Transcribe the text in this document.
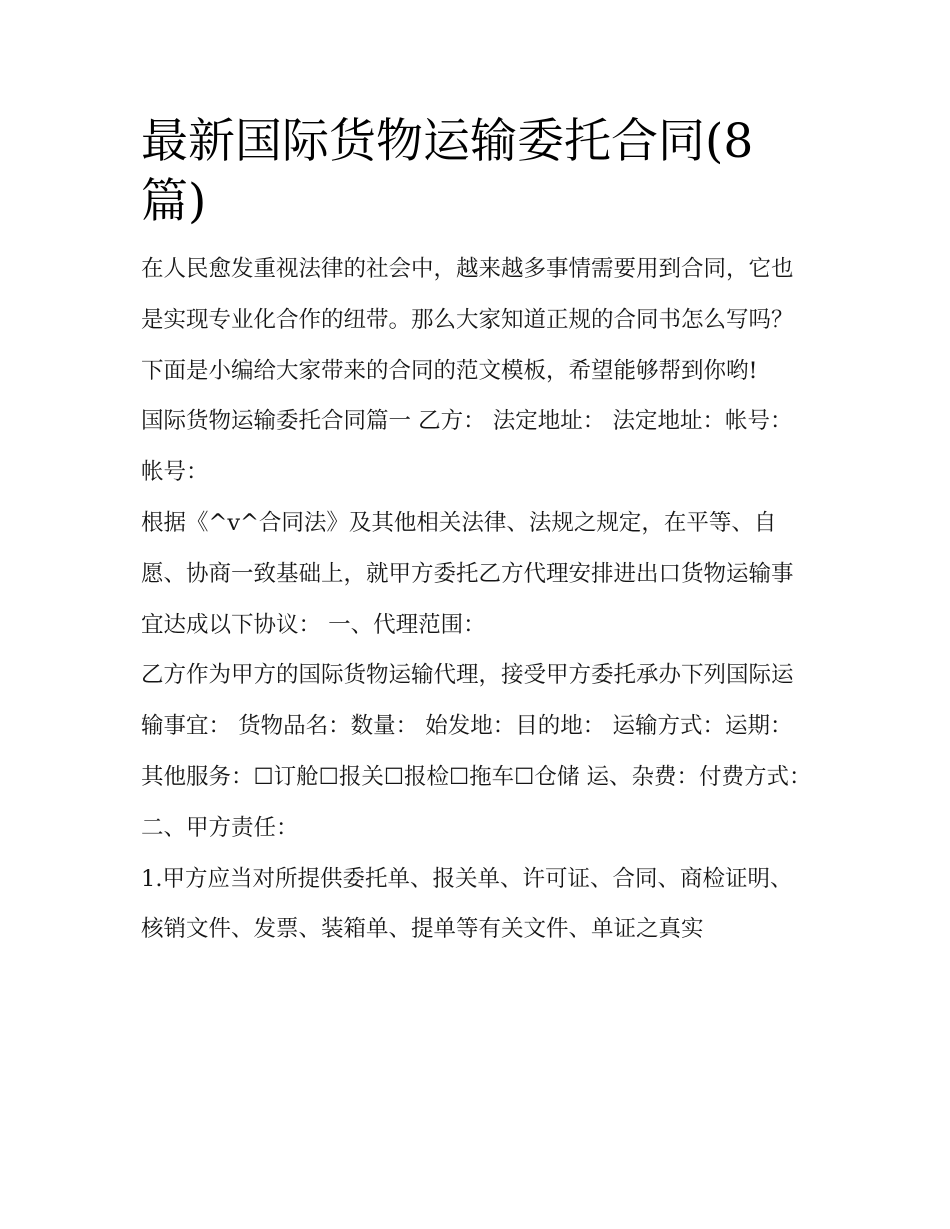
最新国际货物运输委托合同(8篇)

在人民愈发重视法律的社会中，越来越多事情需要用到合同，它也是实现专业化合作的纽带。那么大家知道正规的合同书怎么写吗？下面是小编给大家带来的合同的范文模板，希望能够帮到你哟!

国际货物运输委托合同篇一 乙方： 法定地址： 法定地址：帐号： 帐号：

根据《^v^合同法》及其他相关法律、法规之规定，在平等、自愿、协商一致基础上，就甲方委托乙方代理安排进出口货物运输事宜达成以下协议： 一、代理范围：

乙方作为甲方的国际货物运输代理，接受甲方委托承办下列国际运输事宜： 货物品名：数量： 始发地：目的地： 运输方式：运期：

其他服务：☐订舱☐报关☐报检☐拖车☐仓储 运、杂费：付费方式： 二、甲方责任：

1.甲方应当对所提供委托单、报关单、许可证、合同、商检证明、核销文件、发票、装箱单、提单等有关文件、单证之真实
